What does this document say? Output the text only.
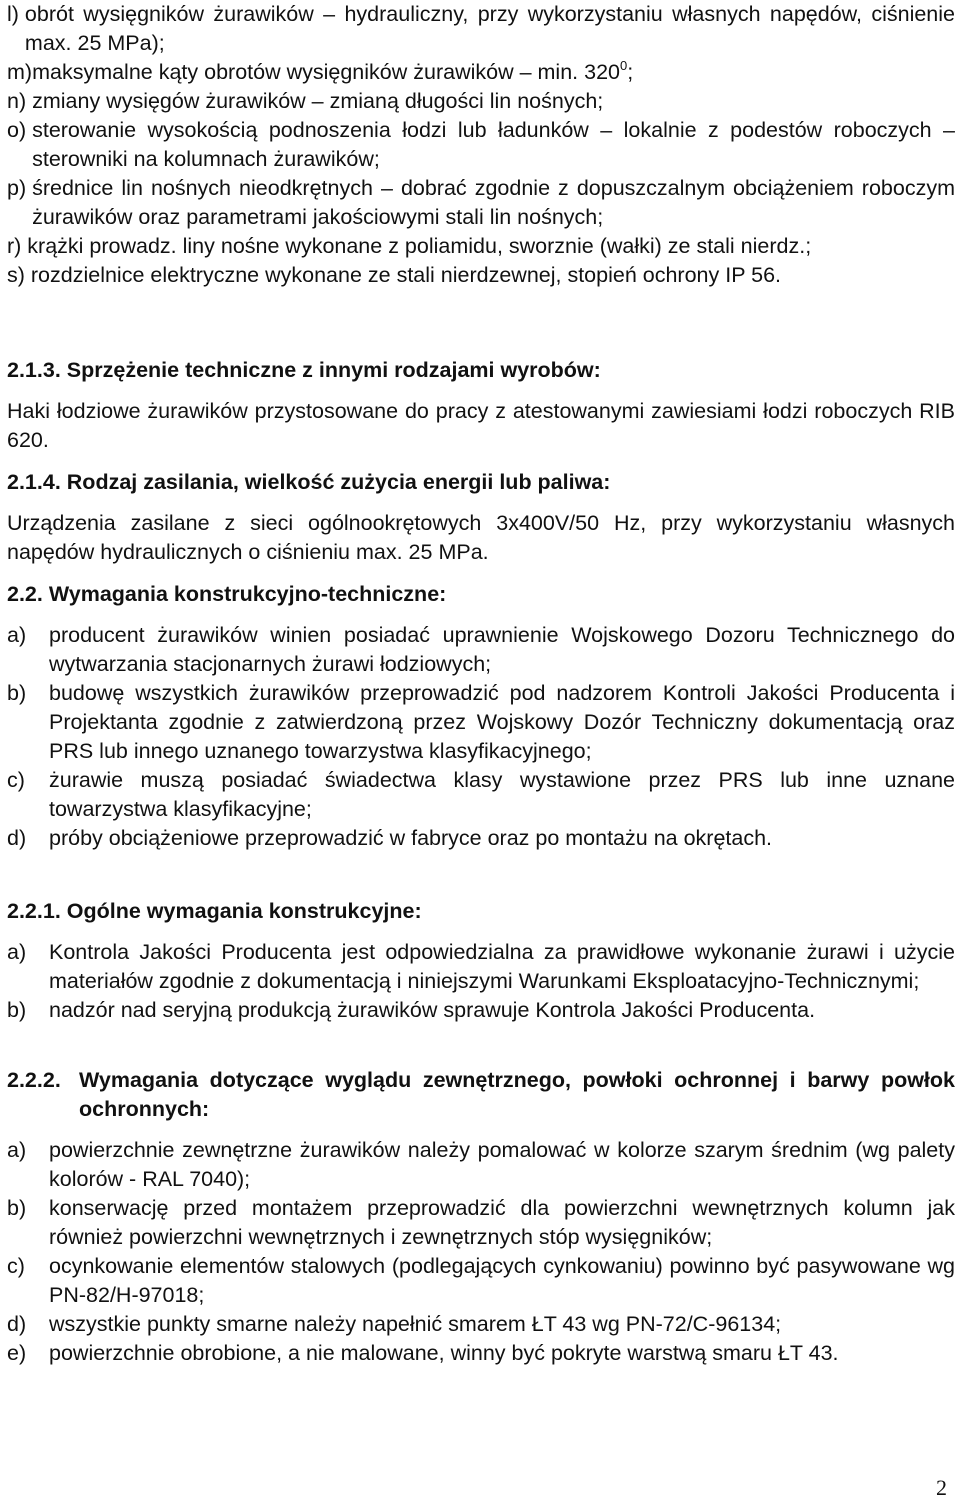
l) obrót wysięgników żurawików – hydrauliczny, przy wykorzystaniu własnych napędów, ciśnienie max. 25 MPa);
m) maksymalne kąty obrotów wysięgników żurawików – min. $320^0$;
n) zmiany wysięgów żurawików – zmianą długości lin nośnych;
o) sterowanie wysokością podnoszenia łodzi lub ładunków – lokalnie z podestów roboczych – sterowniki na kolumnach żurawików;
p) średnice lin nośnych nieodkrętnych – dobrać zgodnie z dopuszczalnym obciążeniem roboczym żurawików oraz parametrami jakościowymi stali lin nośnych;
r) krążki prowadz. liny nośne wykonane z poliamidu, sworznie (wałki) ze stali nierdz.;
s) rozdzielnice elektryczne wykonane ze stali nierdzewnej, stopień ochrony IP 56.

2.1.3. Sprzężenie techniczne z innymi rodzajami wyrobów:

Haki łodziowe żurawików przystosowane do pracy z atestowanymi zawiesiami łodzi roboczych RIB 620.

2.1.4. Rodzaj zasilania, wielkość zużycia energii lub paliwa:

Urządzenia zasilane z sieci ogólnookrętowych 3x400V/50 Hz, przy wykorzystaniu własnych napędów hydraulicznych o ciśnieniu max. 25 MPa.

2.2. Wymagania konstrukcyjno-techniczne:

a)	producent żurawików winien posiadać uprawnienie Wojskowego Dozoru Technicznego do wytwarzania stacjonarnych żurawi łodziowych;
b)	budowę wszystkich żurawików przeprowadzić pod nadzorem Kontroli Jakości Producenta i Projektanta zgodnie z zatwierdzoną przez Wojskowy Dozór Techniczny dokumentacją oraz PRS lub innego uznanego towarzystwa klasyfikacyjnego;
c)	żurawie muszą posiadać świadectwa klasy wystawione przez PRS lub inne uznane towarzystwa klasyfikacyjne;
d)	próby obciążeniowe przeprowadzić w fabryce oraz po montażu na okrętach.

2.2.1. Ogólne wymagania konstrukcyjne:

a)	Kontrola Jakości Producenta jest odpowiedzialna za prawidłowe wykonanie żurawi i użycie materiałów zgodnie z dokumentacją i niniejszymi Warunkami Eksploatacyjno-Technicznymi;
b)	nadzór nad seryjną produkcją żurawików sprawuje Kontrola Jakości Producenta.
2.2.2. Wymagania dotyczące wyglądu zewnętrznego, powłoki ochronnej i barwy powłok ochronnych:
a)	powierzchnie zewnętrzne żurawików należy pomalować w kolorze szarym średnim (wg palety kolorów - RAL 7040);
b)	konserwację przed montażem przeprowadzić dla powierzchni wewnętrznych kolumn jak również powierzchni wewnętrznych i zewnętrznych stóp wysięgników;
c)	ocynkowanie elementów stalowych (podlegających cynkowaniu) powinno być pasywowane wg PN-82/H-97018;
d)	wszystkie punkty smarne należy napełnić smarem ŁT 43 wg PN-72/C-96134;
e)	powierzchnie obrobione, a nie malowane, winny być pokryte warstwą smaru ŁT 43.
2
